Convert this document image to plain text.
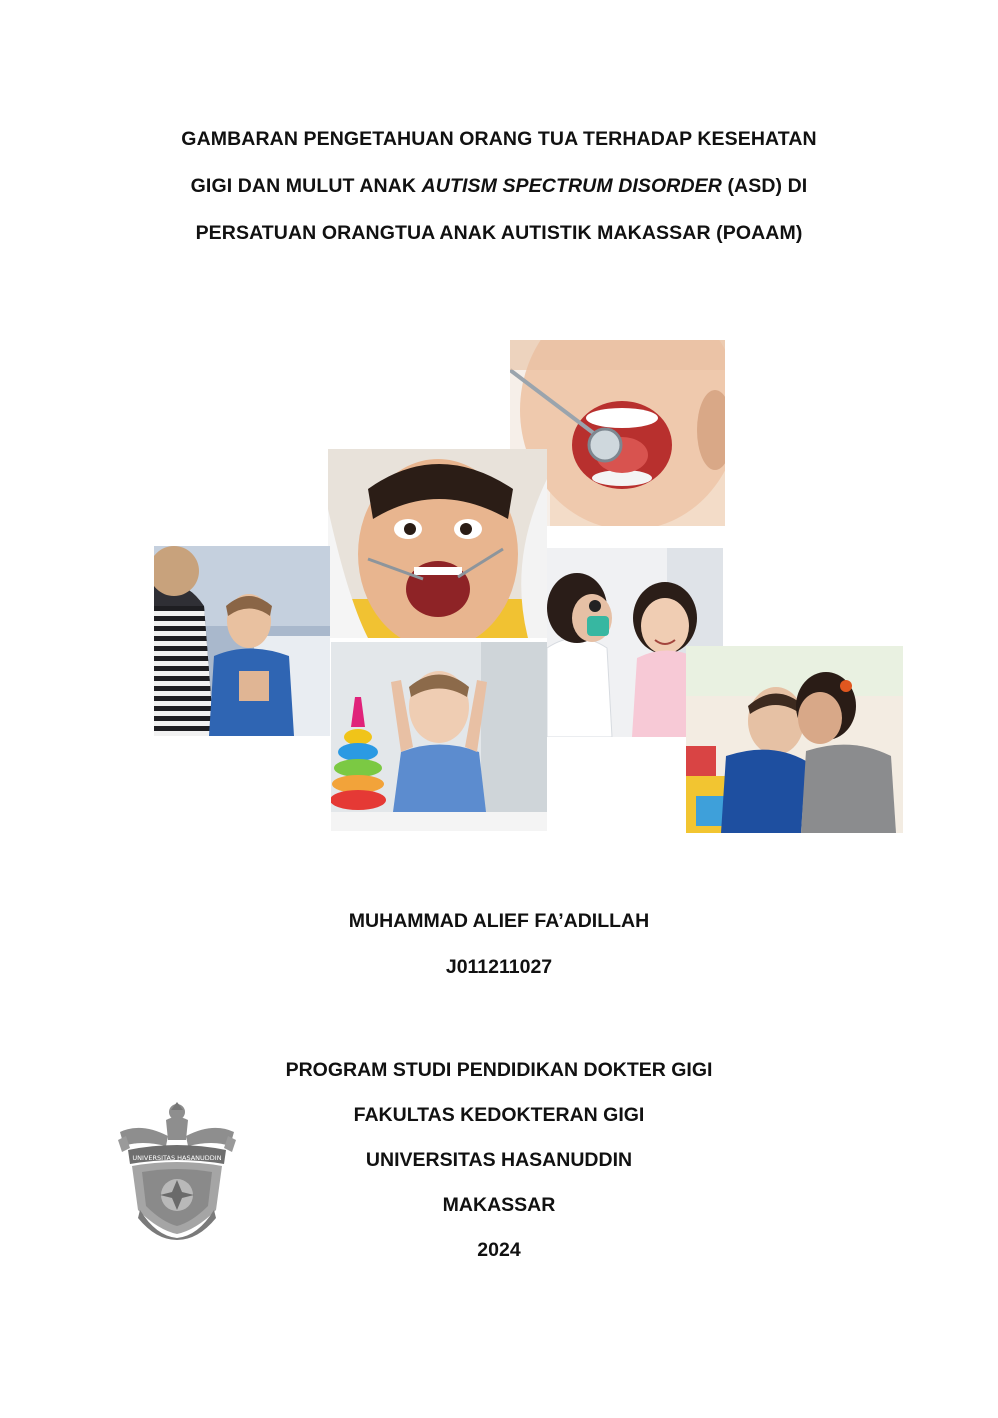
GAMBARAN PENGETAHUAN ORANG TUA TERHADAP KESEHATAN
GIGI DAN MULUT ANAK AUTISM SPECTRUM DISORDER (ASD) DI
PERSATUAN ORANGTUA ANAK AUTISTIK MAKASSAR (POAAM)
MUHAMMAD ALIEF FA’ADILLAH
J011211027
PROGRAM STUDI PENDIDIKAN DOKTER GIGI
FAKULTAS KEDOKTERAN GIGI
UNIVERSITAS HASANUDDIN
MAKASSAR
2024
UNIVERSITAS HASANUDDIN
